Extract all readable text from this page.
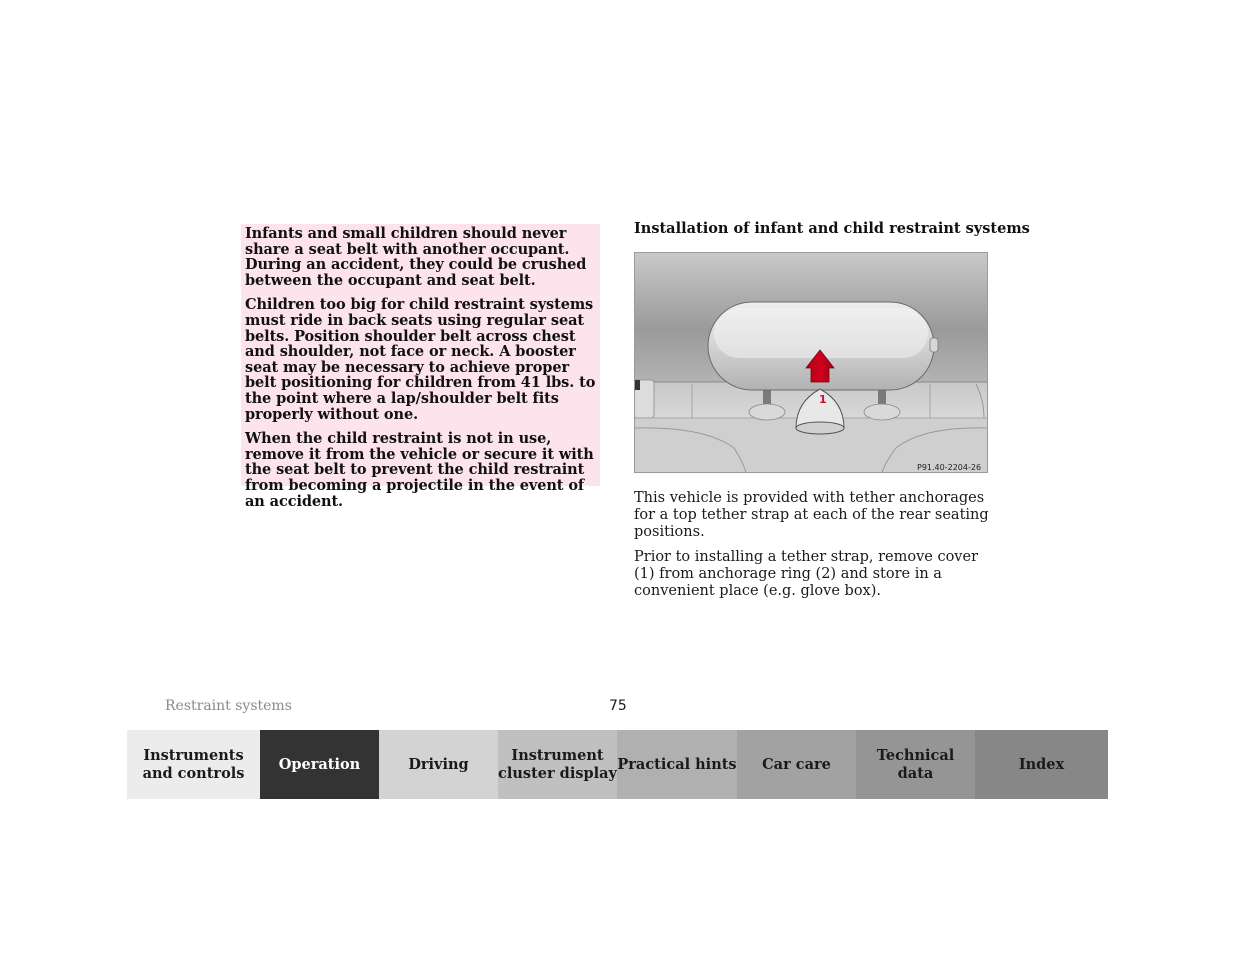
Infants and small children should never share a seat belt with another occupant. During an accident, they could be crushed between the occupant and seat belt.

Children too big for child restraint systems must ride in back seats using regular seat belts. Position shoulder belt across chest and shoulder, not face or neck. A booster seat may be necessary to achieve proper belt positioning for children from 41 lbs. to the point where a lap/shoulder belt fits properly without one.

When the child restraint is not in use, remove it from the vehicle or secure it with the seat belt to prevent the child restraint from becoming a projectile in the event of an accident.

Installation of infant and child restraint systems
1
P91.40-2204-26

This vehicle is provided with tether anchorages for a top tether strap at each of the rear seating positions.

Prior to installing a tether strap, remove cover (1) from anchorage ring (2) and store in a convenient place (e.g. glove box).

Restraint systems	75
Instruments
and controls
Operation	Driving
Instrument
cluster display
Practical hints Car care
Technical
data
Index
